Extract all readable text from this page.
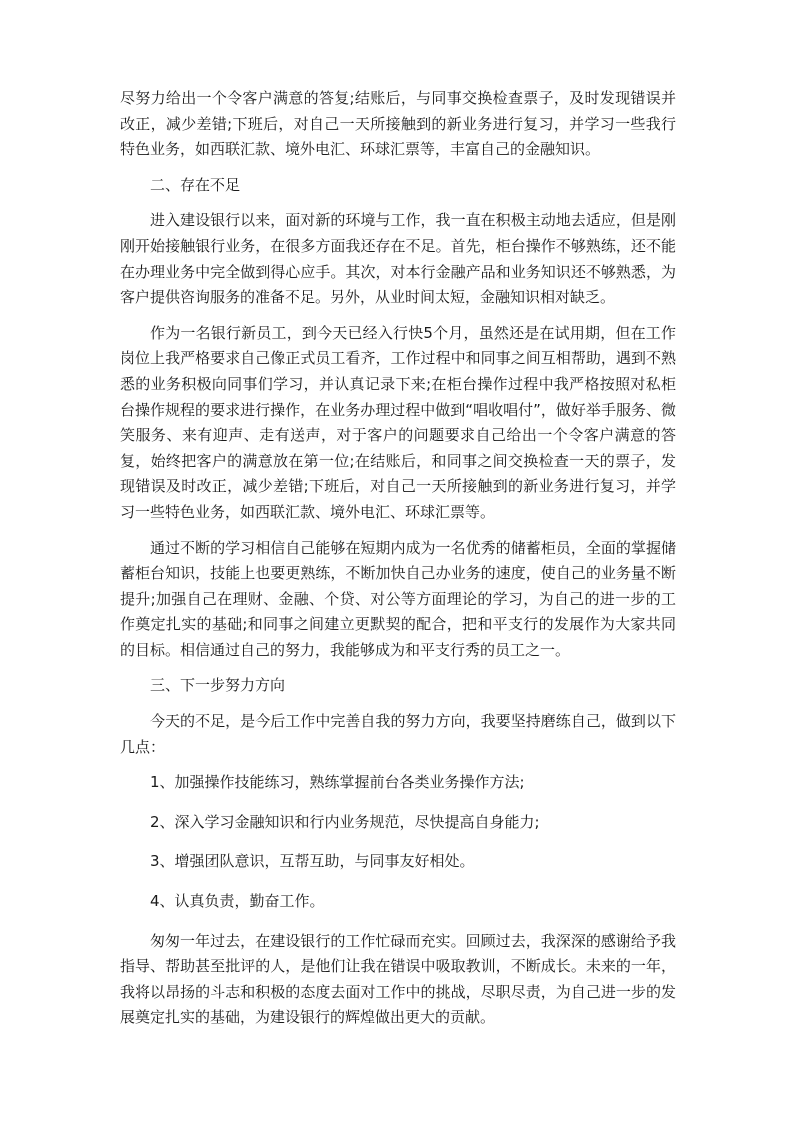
尽努力给出一个令客户满意的答复;结账后，与同事交换检查票子，及时发现错误并改正，减少差错;下班后，对自己一天所接触到的新业务进行复习，并学习一些我行特色业务，如西联汇款、境外电汇、环球汇票等，丰富自己的金融知识。

二、存在不足

进入建设银行以来，面对新的环境与工作，我一直在积极主动地去适应，但是刚刚开始接触银行业务，在很多方面我还存在不足。首先，柜台操作不够熟练，还不能在办理业务中完全做到得心应手。其次，对本行金融产品和业务知识还不够熟悉，为客户提供咨询服务的准备不足。另外，从业时间太短，金融知识相对缺乏。

作为一名银行新员工，到今天已经入行快5个月，虽然还是在试用期，但在工作岗位上我严格要求自己像正式员工看齐，工作过程中和同事之间互相帮助，遇到不熟悉的业务积极向同事们学习，并认真记录下来;在柜台操作过程中我严格按照对私柜台操作规程的要求进行操作，在业务办理过程中做到“唱收唱付”，做好举手服务、微笑服务、来有迎声、走有送声，对于客户的问题要求自己给出一个令客户满意的答复，始终把客户的满意放在第一位;在结账后，和同事之间交换检查一天的票子，发现错误及时改正，减少差错;下班后，对自己一天所接触到的新业务进行复习，并学习一些特色业务，如西联汇款、境外电汇、环球汇票等。

通过不断的学习相信自己能够在短期内成为一名优秀的储蓄柜员，全面的掌握储蓄柜台知识，技能上也要更熟练，不断加快自己办业务的速度，使自己的业务量不断提升;加强自己在理财、金融、个贷、对公等方面理论的学习，为自己的进一步的工作奠定扎实的基础;和同事之间建立更默契的配合，把和平支行的发展作为大家共同的目标。相信通过自己的努力，我能够成为和平支行秀的员工之一。

三、下一步努力方向

今天的不足，是今后工作中完善自我的努力方向，我要坚持磨练自己，做到以下几点：

1、加强操作技能练习，熟练掌握前台各类业务操作方法;

2、深入学习金融知识和行内业务规范，尽快提高自身能力;

3、增强团队意识，互帮互助，与同事友好相处。

4、认真负责，勤奋工作。

匆匆一年过去，在建设银行的工作忙碌而充实。回顾过去，我深深的感谢给予我指导、帮助甚至批评的人，是他们让我在错误中吸取教训，不断成长。未来的一年，我将以昂扬的斗志和积极的态度去面对工作中的挑战，尽职尽责，为自己进一步的发展奠定扎实的基础，为建设银行的辉煌做出更大的贡献。
